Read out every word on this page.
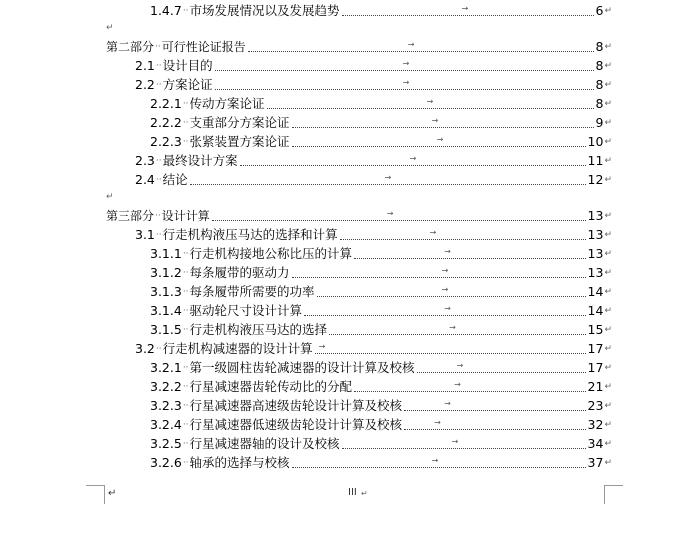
1.4.7 ·· 市场发展情况以及发展趋势	→	6 ↵
↵
第二部分 ·· 可行性论证报告	→	8 ↵
2.1 ·· 设计目的	→	8 ↵
2.2 ·· 方案论证	→	8 ↵
2.2.1 ·· 传动方案论证	→	8 ↵
2.2.2 ·· 支重部分方案论证	→	9 ↵
2.2.3 ·· 张紧装置方案论证	→	10 ↵
2.3 ·· 最终设计方案	→	11 ↵
2.4 ·· 结论	→	12 ↵
↵
第三部分 ·· 设计计算	→	13 ↵
3.1 ·· 行走机构液压马达的选择和计算	→	13 ↵
3.1.1 ·· 行走机构接地公称比压的计算	→	13 ↵
3.1.2 ·· 每条履带的驱动力	→	13 ↵
3.1.3 ·· 每条履带所需要的功率	→	14 ↵
3.1.4 ·· 驱动轮尺寸设计计算	→	14 ↵
3.1.5 ·· 行走机构液压马达的选择	→	15 ↵
3.2 ·· 行走机构减速器的设计计算 →	17 ↵
3.2.1 ·· 第一级圆柱齿轮减速器的设计计算及校核	→	17 ↵
3.2.2 ·· 行星减速器齿轮传动比的分配	→	21 ↵
3.2.3 ·· 行星减速器高速级齿轮设计计算及校核	→	23 ↵
3.2.4 ·· 行星减速器低速级齿轮设计计算及校核	→	32 ↵
3.2.5 ·· 行星减速器轴的设计及校核	→	34 ↵
3.2.6 ·· 轴承的选择与校核	→	37 ↵
↵	III ↵
